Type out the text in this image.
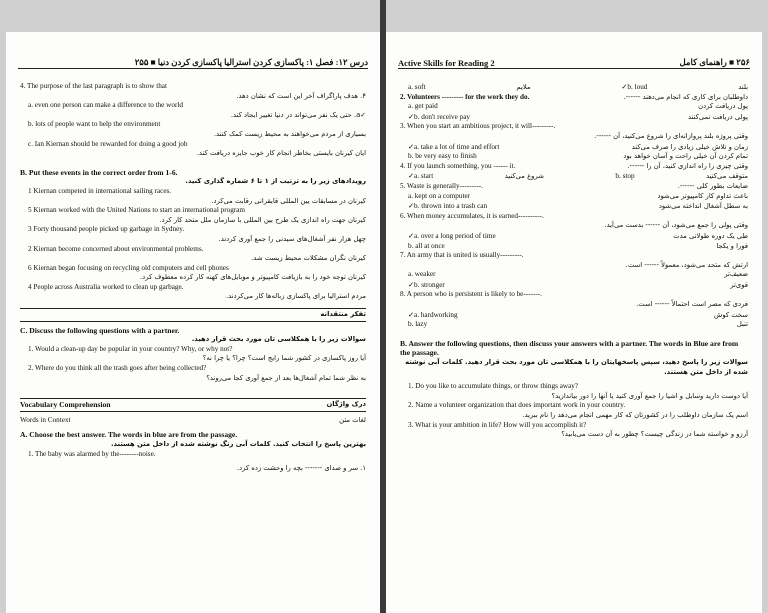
درس ۱۲: فصل ۱: پاکسازی کردن استرالیا پاکسازی کردن دنیا ■ ۲۵۵
4. The purpose of the last paragraph is to show that
۴. هدف پاراگراف آخر این است که نشان دهد.
a. even one person can make a difference to the world
✓a. حتی یک نفر می‌تواند در دنیا تغییر ایجاد کند.
b. lots of people want to help the environment
بسیاری از مردم می‌خواهند به محیط زیست کمک کنند.
c. Ian Kiernan should be rewarded for doing a good job
ایان کیرنان بایستی بخاطر انجام کار خوب جایزه دریافت کند.
B. Put these events in the correct order from 1-6.
رویدادهای زیر را به ترتیب از ۱ تا ۶ شماره گذاری کنید.
1 Kiernan competed in international sailing races.
کیرنان در مسابقات بین المللی قایقرانی رقابت می‌کرد.
5 Kiernan worked with the United Nations to start an international program
کیرنان جهت راه اندازی یک طرح بین المللی با سازمان ملل متحد کار کرد.
3 Forty thousand people picked up garbage in Sydney.
چهل هزار نفر آشغال‌های سیدنی را جمع آوری کردند.
2 Kiernan become concerned about environmental problems.
کیرنان نگران مشکلات محیط زیست شد.
6 Kiernan began focusing on recycling old computers and cell phones
کیرنان توجه خود را به بازیافت کامپیوتر و موبایل‌های کهنه کار کرده معطوف کرد.
4 People across Australia worked to clean up garbage.
مردم استرالیا برای پاکسازی زباله‌ها کار می‌کردند.
تفکر منتقدانه
C. Discuss the following questions with a partner.
سوالات زیر را با همکلاسی تان مورد بحث قرار دهید.
1. Would a clean-up day be popular in your country? Why, or why not?
آیا روز پاکسازی در کشور شما رایج است؟ چرا؟ یا چرا نه؟
2. Where do you think all the trash goes after being collected?
به نظر شما تمام آشغال‌ها بعد از جمع آوری کجا می‌روند؟
Vocabulary Comprehension	درک واژگان
Words in Context	لغات متن
A. Choose the best answer. The words in blue are from the passage.
بهترین پاسخ را انتخاب کنید. کلمات آبی رنگ نوشته شده از داخل متن هستند.
1. The baby was alarmed by the--------noise.
۱. سر و صدای ------- بچه را وحشت زده کرد.
Active Skills for Reading 2	۲۵۶ ■ راهنمای کامل
a. soft	ملایم	✓b. loud	بلند
2. Volunteers --------- for the work they do.	داوطلبان برای کاری که انجام می‌دهند ------.
a. get paid	پول دریافت کردن
✓b. don't receive pay	پولی دریافت نمی‌کنند
3. When you start an ambitious project, it will---------.
وقتی پروژه بلند پروازانه‌ای را شروع می‌کنید، آن ------.
✓a. take a lot of time and effort	زمان و تلاش خیلی زیادی را صرف می‌کند
b. be very easy to finish	تمام کردن آن خیلی راحت و آسان خواهد بود
4. If you launch something, you ------ it.	وقتی چیزی را راه اندازی کنید، آن را ------.
✓a. start	شروع می‌کنید	b. stop	متوقف می‌کنید
5. Waste is generally---------.	ضایعات بطور کلی ------.
a. kept on a computer	باعث تداوم کار کامپیوتر می‌شود
✓b. thrown into a trash can	به سطل آشغال انداخته می‌شود
6. When money accumulates, it is earned----------.
وقتی پولی را جمع می‌شود، آن ------ بدست می‌آید.
✓a. over a long period of time	طی یک دوره طولانی مدت
b. all at once	فورا و یکجا
7. An army that is united is usually---------.
ارتش که متحد می‌شود، معمولاً ------ است.
a. weaker	ضعیف‌تر
✓b. stronger	قوی‌تر
8. A person who is persistent is likely to be-------.
فردی که مصر است احتمالاً ------ است.
✓a. hardworking	سخت کوش
b. lazy	تنبل
B. Answer the following questions, then discuss your answers with a partner. The words in Blue are from the passage.
سوالات زیر را پاسخ دهید، سپس پاسخهایتان را با همکلاسی تان مورد بحث قرار دهید. کلمات آبی نوشته شده از داخل متن هستند.
1. Do you like to accumulate things, or throw things away?
آیا دوست دارید وسایل و اشیا را جمع آوری کنید یا آنها را دور بیاندازید؟
2. Name a volunteer organization that does important work in your country.
اسم یک سازمان داوطلب را در کشورتان که کار مهمی انجام می‌دهد را نام ببرید.
3. What is your ambition in life? How will you accomplish it?
آرزو و خواسته شما در زندگی چیست؟ چطور به آن دست می‌یابید؟
